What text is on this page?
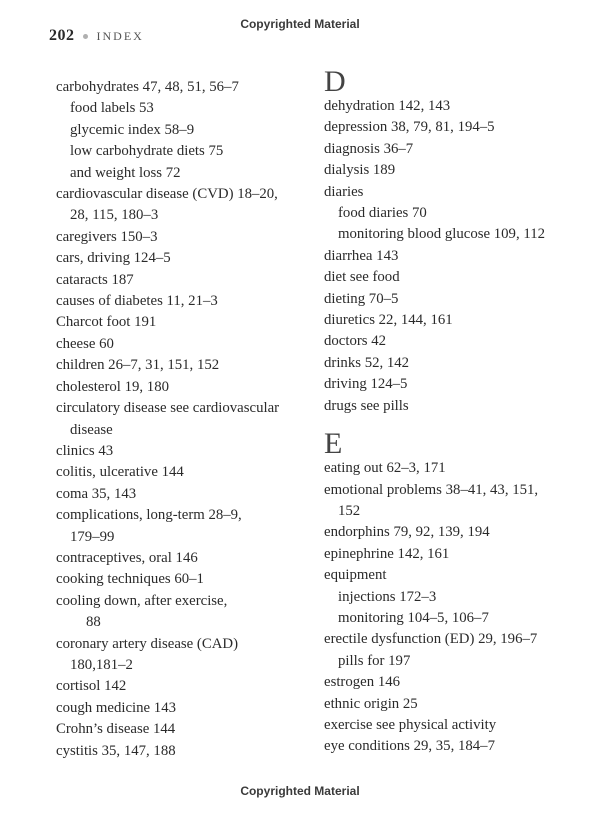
Copyrighted Material
202 INDEX
carbohydrates 47, 48, 51, 56–7
food labels 53
glycemic index 58–9
low carbohydrate diets 75
and weight loss 72
cardiovascular disease (CVD) 18–20,
28, 115, 180–3
caregivers 150–3
cars, driving 124–5
cataracts 187
causes of diabetes 11, 21–3
Charcot foot 191
cheese 60
children 26–7, 31, 151, 152
cholesterol 19, 180
circulatory disease see cardiovascular
disease
clinics 43
colitis, ulcerative 144
coma 35, 143
complications, long-term 28–9,
179–99
contraceptives, oral 146
cooking techniques 60–1
cooling down, after exercise,
88
coronary artery disease (CAD)
180,181–2
cortisol 142
cough medicine 143
Crohn’s disease 144
cystitis 35, 147, 188
D
dehydration 142, 143
depression 38, 79, 81, 194–5
diagnosis 36–7
dialysis 189
diaries
food diaries 70
monitoring blood glucose 109, 112
diarrhea 143
diet see food
dieting 70–5
diuretics 22, 144, 161
doctors 42
drinks 52, 142
driving 124–5
drugs see pills
E
eating out 62–3, 171
emotional problems 38–41, 43, 151,
152
endorphins 79, 92, 139, 194
epinephrine 142, 161
equipment
injections 172–3
monitoring 104–5, 106–7
erectile dysfunction (ED) 29, 196–7
pills for 197
estrogen 146
ethnic origin 25
exercise see physical activity
eye conditions 29, 35, 184–7
Copyrighted Material
